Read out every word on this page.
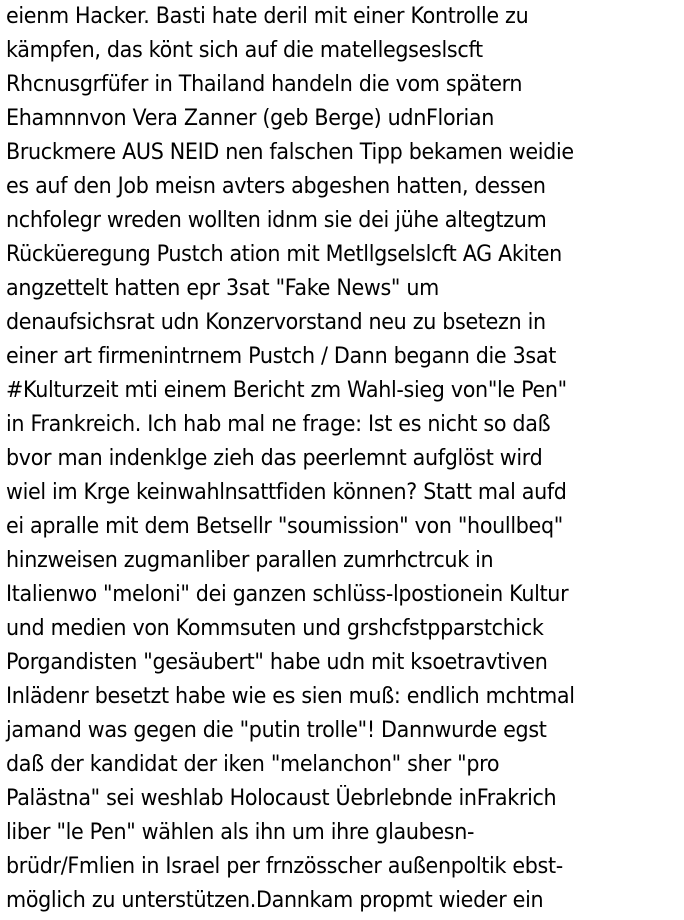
eienm Hacker. Basti hate deril mit einer Kontrolle zu
kämpfen, das könt sich auf die matellegseslscft
Rhcnusgrfüfer in Thailand handeln die vom spätern
Ehamnnvon Vera Zanner (geb Berge) udnFlorian
Bruckmere AUS NEID nen falschen Tipp bekamen weidie
es auf den Job meisn avters abgeshen hatten, dessen
nchfolegr wreden wollten idnm sie dei jühe altegtzum
Rücküeregung Pustch ation mit Metllgselslcft AG Akiten
angzettelt hatten epr 3sat "Fake News" um
denaufsichsrat udn Konzervorstand neu zu bsetezn in
einer art firmenintrnem Pustch / Dann begann die 3sat
#Kulturzeit mti einem Bericht zm Wahl-sieg von"le Pen"
in Frankreich. Ich hab mal ne frage: Ist es nicht so daß
bvor man indenklge zieh das peerlemnt aufglöst wird
wiel im Krge keinwahlnsattfiden können? Statt mal aufd
ei apralle mit dem Betsellr "soumission" von "houllbeq"
hinzweisen zugmanliber parallen zumrhctrcuk in
Italienwo "meloni" dei ganzen schlüss-lpostionein Kultur
und medien von Kommsuten und grshcfstpparstchick
Porgandisten "gesäubert" habe udn mit ksoetravtiven
Inlädenr besetzt habe wie es sien muß: endlich mchtmal
jamand was gegen die "putin trolle"! Dannwurde egst
daß der kandidat der iken "melanchon" sher "pro
Palästna" sei weshlab Holocaust Üebrlebnde inFrakrich
liber "le Pen" wählen als ihn um ihre glaubesn-
brüdr/Fmlien in Israel per frnzösscher außenpoltik ebst-
möglich zu unterstützen.Dannkam propmt wieder ein
